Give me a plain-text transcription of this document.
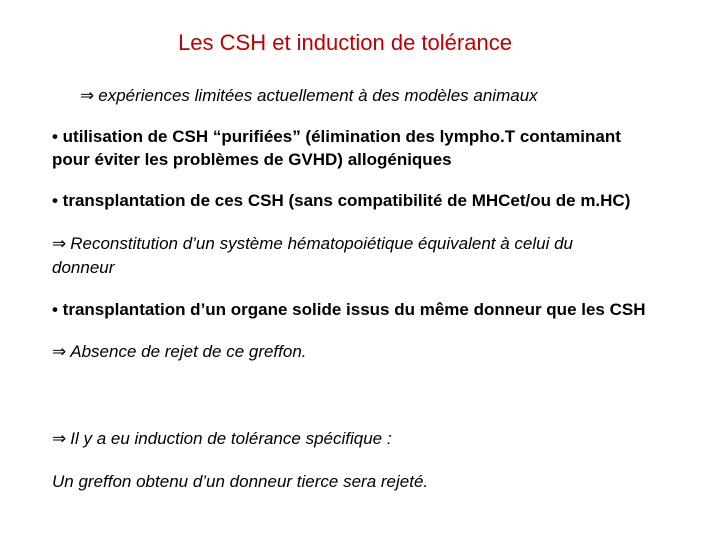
Les CSH et induction de tolérance
⇒ expériences limitées actuellement à des modèles animaux
• utilisation de CSH “purifiées” (élimination des lympho.T contaminant
pour éviter les problèmes de GVHD) allogéniques
• transplantation de ces CSH (sans compatibilité de MHCet/ou de m.HC)
⇒ Reconstitution d’un système hématopoiétique équivalent à celui du
donneur
• transplantation d’un organe solide issus du même donneur que les CSH
⇒ Absence de rejet de ce greffon.
⇒ Il y a eu induction de tolérance spécifique :
Un greffon obtenu d’un donneur tierce sera rejeté.
